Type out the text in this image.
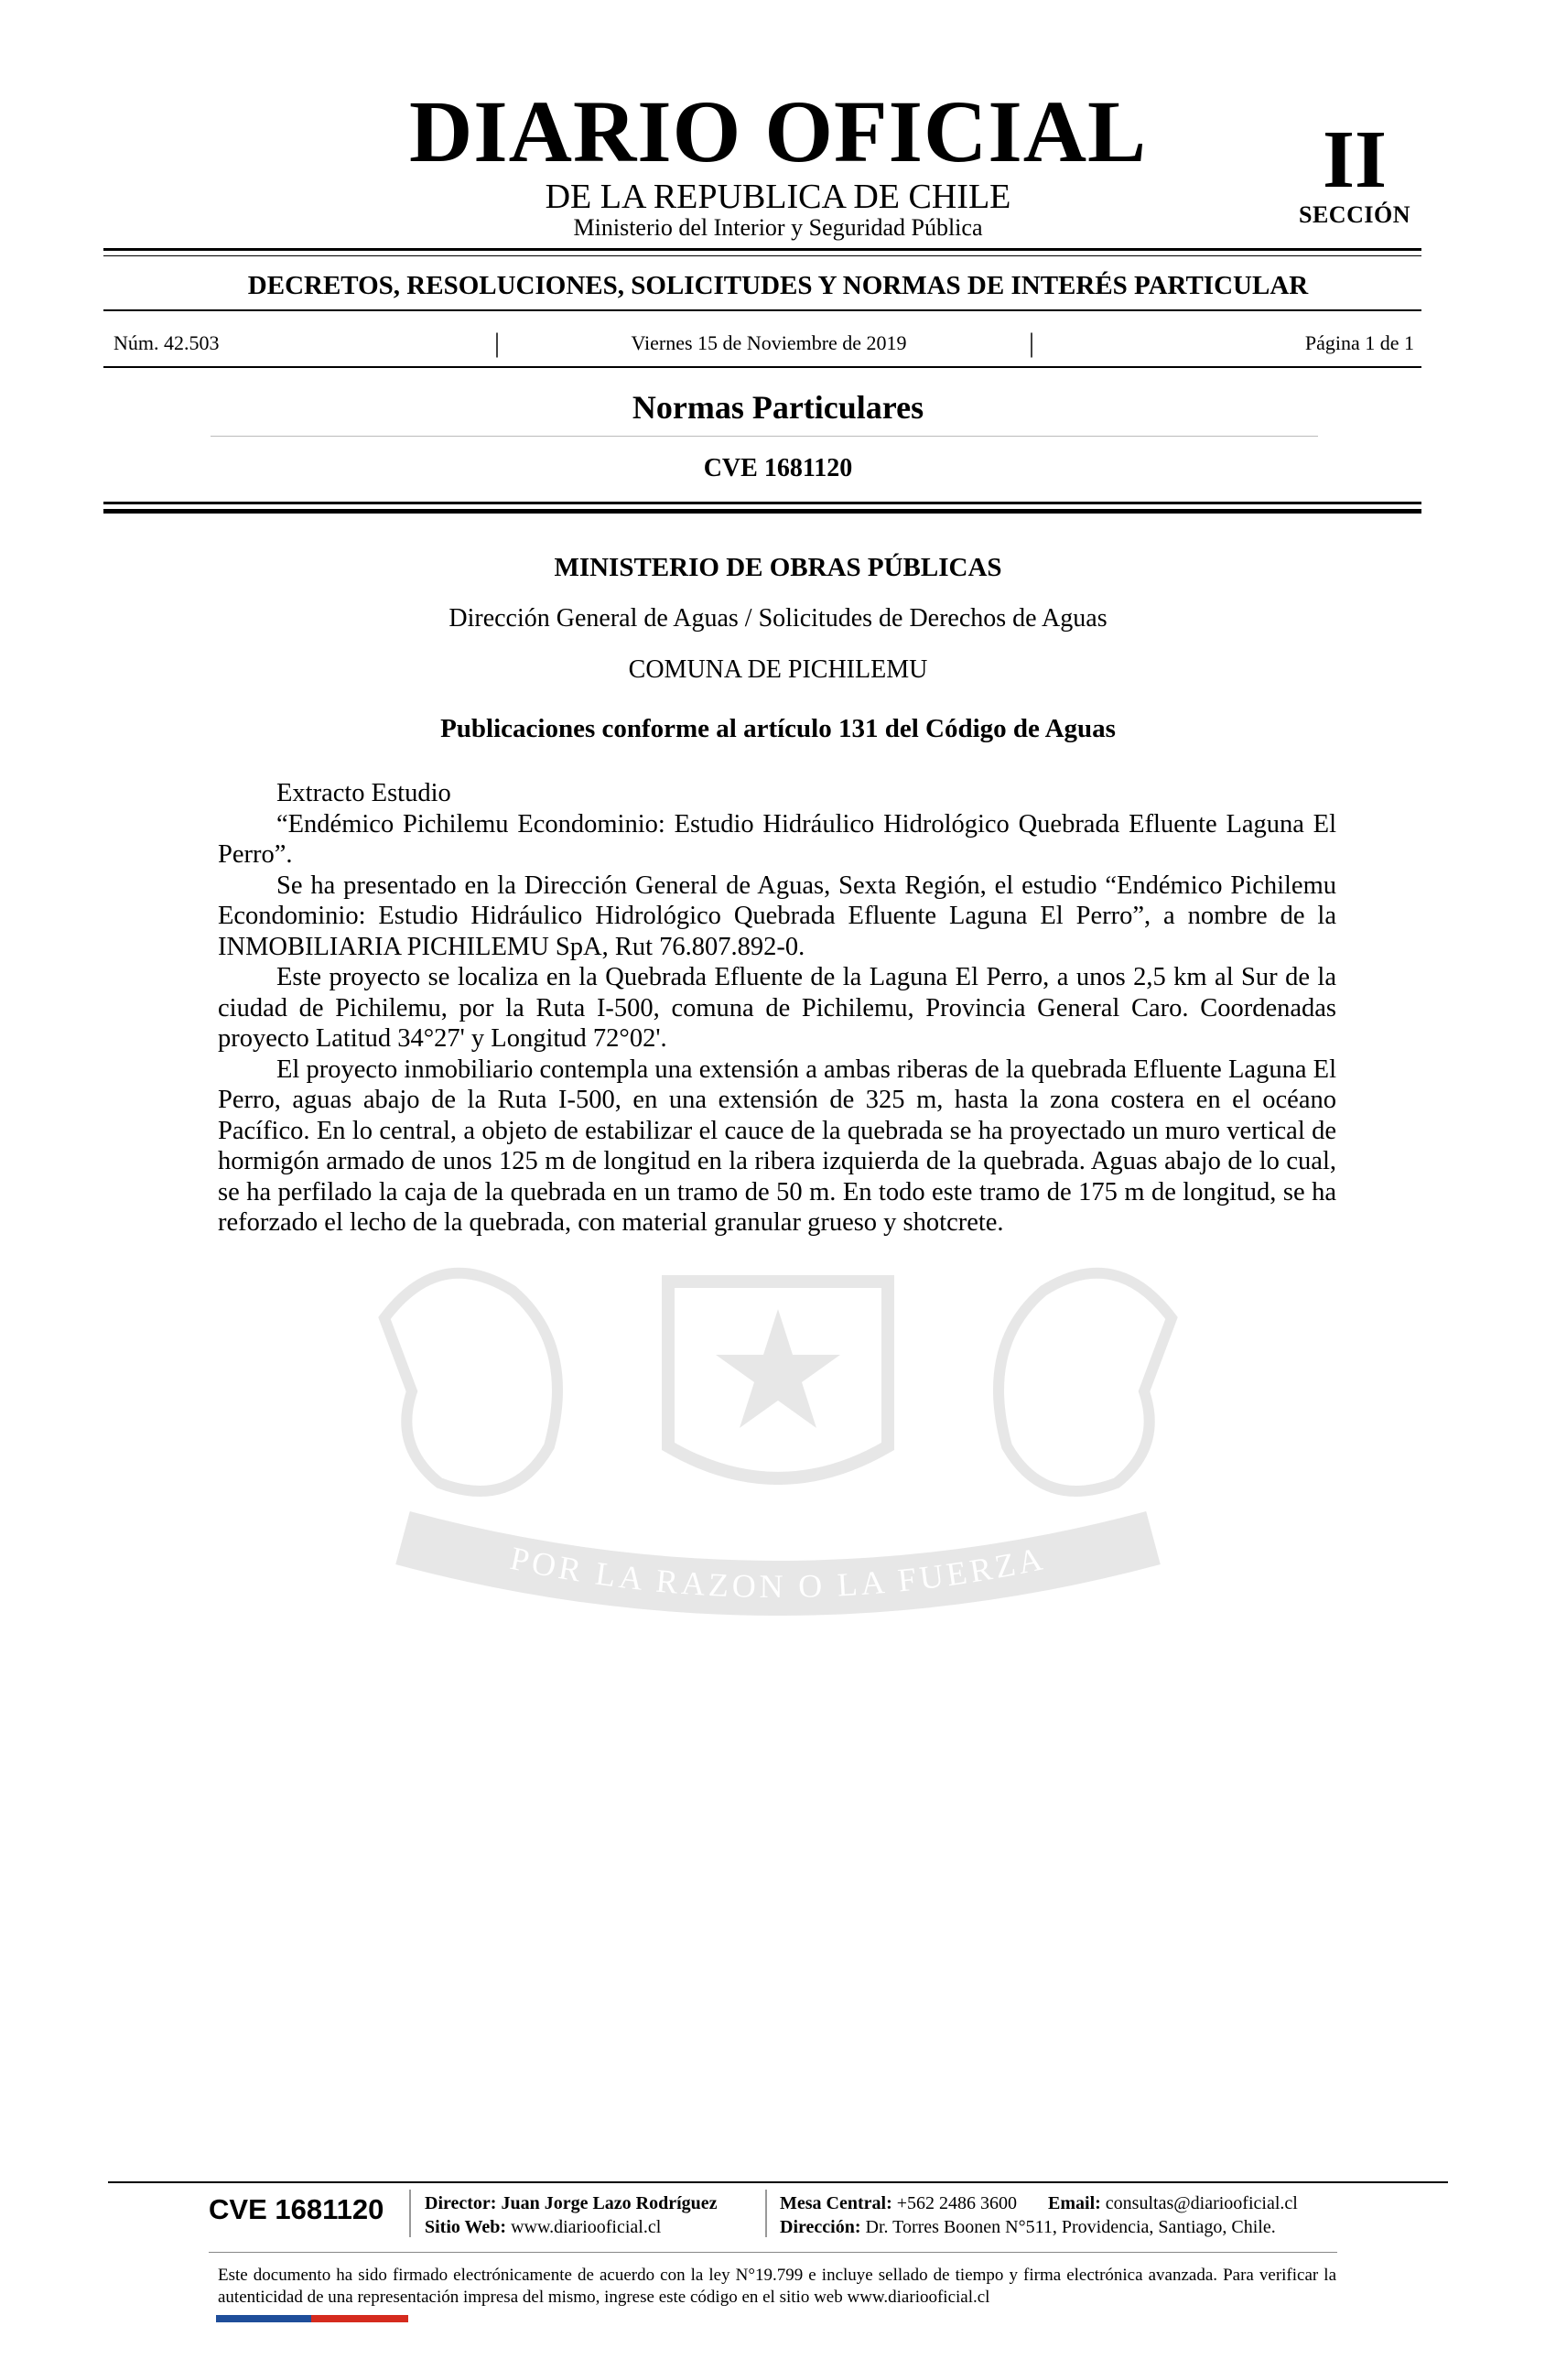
POR LA RAZON O LA FUERZA
DIARIO OFICIAL
DE LA REPUBLICA DE CHILE
Ministerio del Interior y Seguridad Pública
II
SECCIÓN
DECRETOS, RESOLUCIONES, SOLICITUDES Y NORMAS DE INTERÉS PARTICULAR
Núm. 42.503	|	Viernes 15 de Noviembre de 2019	|	Página 1 de 1
Normas Particulares
CVE 1681120
MINISTERIO DE OBRAS PÚBLICAS
Dirección General de Aguas / Solicitudes de Derechos de Aguas
COMUNA DE PICHILEMU
Publicaciones conforme al artículo 131 del Código de Aguas

Extracto Estudio

“Endémico Pichilemu Econdominio: Estudio Hidráulico Hidrológico Quebrada Efluente Laguna El Perro”.

Se ha presentado en la Dirección General de Aguas, Sexta Región, el estudio “Endémico Pichilemu Econdominio: Estudio Hidráulico Hidrológico Quebrada Efluente Laguna El Perro”, a nombre de la INMOBILIARIA PICHILEMU SpA, Rut 76.807.892-0.

Este proyecto se localiza en la Quebrada Efluente de la Laguna El Perro, a unos 2,5 km al Sur de la ciudad de Pichilemu, por la Ruta I-500, comuna de Pichilemu, Provincia General Caro. Coordenadas proyecto Latitud 34°27' y Longitud 72°02'.

El proyecto inmobiliario contempla una extensión a ambas riberas de la quebrada Efluente Laguna El Perro, aguas abajo de la Ruta I-500, en una extensión de 325 m, hasta la zona costera en el océano Pacífico. En lo central, a objeto de estabilizar el cauce de la quebrada se ha proyectado un muro vertical de hormigón armado de unos 125 m de longitud en la ribera izquierda de la quebrada. Aguas abajo de lo cual, se ha perfilado la caja de la quebrada en un tramo de 50 m. En todo este tramo de 175 m de longitud, se ha reforzado el lecho de la quebrada, con material granular grueso y shotcrete.

CVE 1681120 Director: Juan Jorge Lazo Rodríguez
Sitio Web: www.diariooficial.cl
Mesa Central: +562 2486 3600 Email: consultas@diariooficial.cl
Dirección: Dr. Torres Boonen N°511, Providencia, Santiago, Chile.
Este documento ha sido firmado electrónicamente de acuerdo con la ley N°19.799 e incluye sellado de tiempo y firma electrónica avanzada. Para verificar la autenticidad de una representación impresa del mismo, ingrese este código en el sitio web www.diariooficial.cl
